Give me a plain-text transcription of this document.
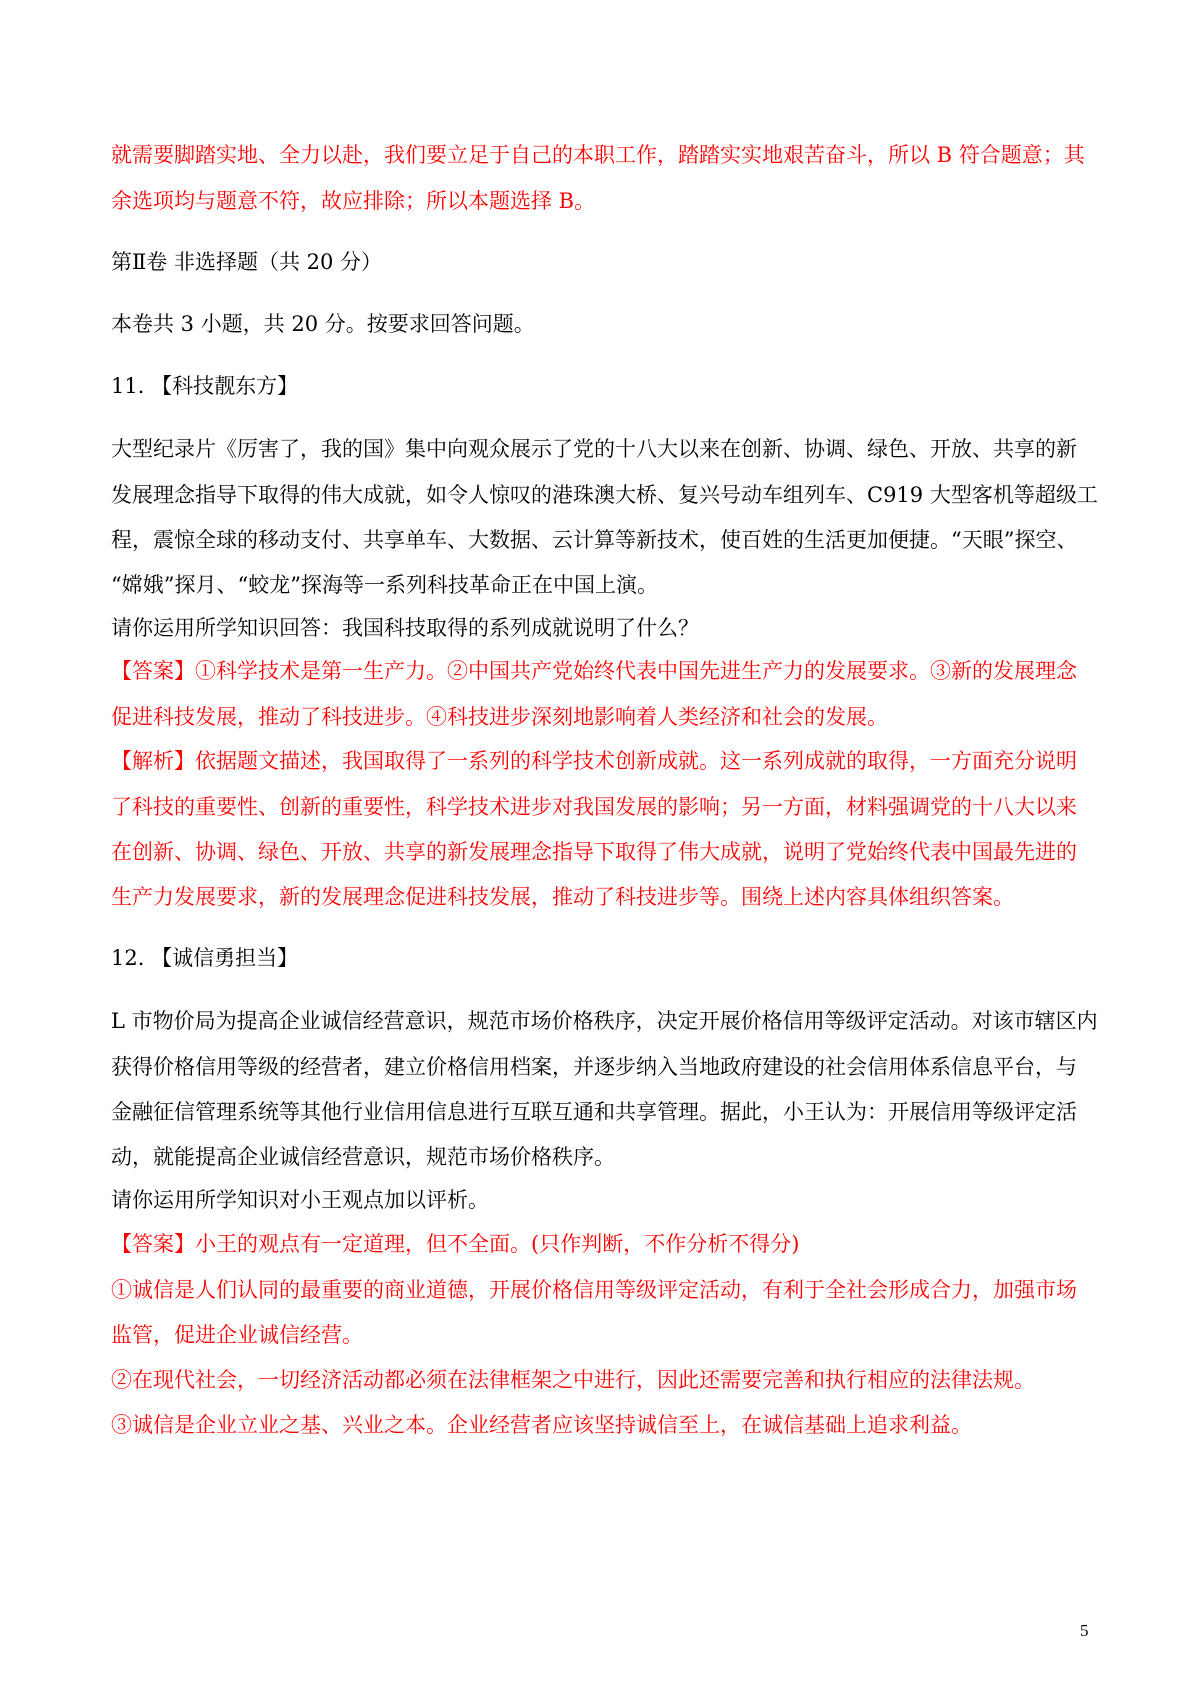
就需要脚踏实地、全力以赴，我们要立足于自己的本职工作，踏踏实实地艰苦奋斗，所以 B 符合题意；其
余选项均与题意不符，故应排除；所以本题选择 B。
第Ⅱ卷 非选择题（共 20 分）
本卷共 3 小题，共 20 分。按要求回答问题。
11. 【科技靓东方】
大型纪录片《厉害了，我的国》集中向观众展示了党的十八大以来在创新、协调、绿色、开放、共享的新
发展理念指导下取得的伟大成就，如令人惊叹的港珠澳大桥、复兴号动车组列车、C919 大型客机等超级工
程，震惊全球的移动支付、共享单车、大数据、云计算等新技术，使百姓的生活更加便捷。“天眼”探空、
“嫦娥”探月、“蛟龙”探海等一系列科技革命正在中国上演。
请你运用所学知识回答：我国科技取得的系列成就说明了什么？
【答案】①科学技术是第一生产力。②中国共产党始终代表中国先进生产力的发展要求。③新的发展理念
促进科技发展，推动了科技进步。④科技进步深刻地影响着人类经济和社会的发展。
【解析】依据题文描述，我国取得了一系列的科学技术创新成就。这一系列成就的取得，一方面充分说明
了科技的重要性、创新的重要性，科学技术进步对我国发展的影响；另一方面，材料强调党的十八大以来
在创新、协调、绿色、开放、共享的新发展理念指导下取得了伟大成就，说明了党始终代表中国最先进的
生产力发展要求，新的发展理念促进科技发展，推动了科技进步等。围绕上述内容具体组织答案。
12. 【诚信勇担当】
L 市物价局为提高企业诚信经营意识，规范市场价格秩序，决定开展价格信用等级评定活动。对该市辖区内
获得价格信用等级的经营者，建立价格信用档案，并逐步纳入当地政府建设的社会信用体系信息平台，与
金融征信管理系统等其他行业信用信息进行互联互通和共享管理。据此，小王认为：开展信用等级评定活
动，就能提高企业诚信经营意识，规范市场价格秩序。
请你运用所学知识对小王观点加以评析。
【答案】小王的观点有一定道理，但不全面。(只作判断，不作分析不得分)
①诚信是人们认同的最重要的商业道德，开展价格信用等级评定活动，有利于全社会形成合力，加强市场
监管，促进企业诚信经营。
②在现代社会，一切经济活动都必须在法律框架之中进行，因此还需要完善和执行相应的法律法规。
③诚信是企业立业之基、兴业之本。企业经营者应该坚持诚信至上，在诚信基础上追求利益。
5
